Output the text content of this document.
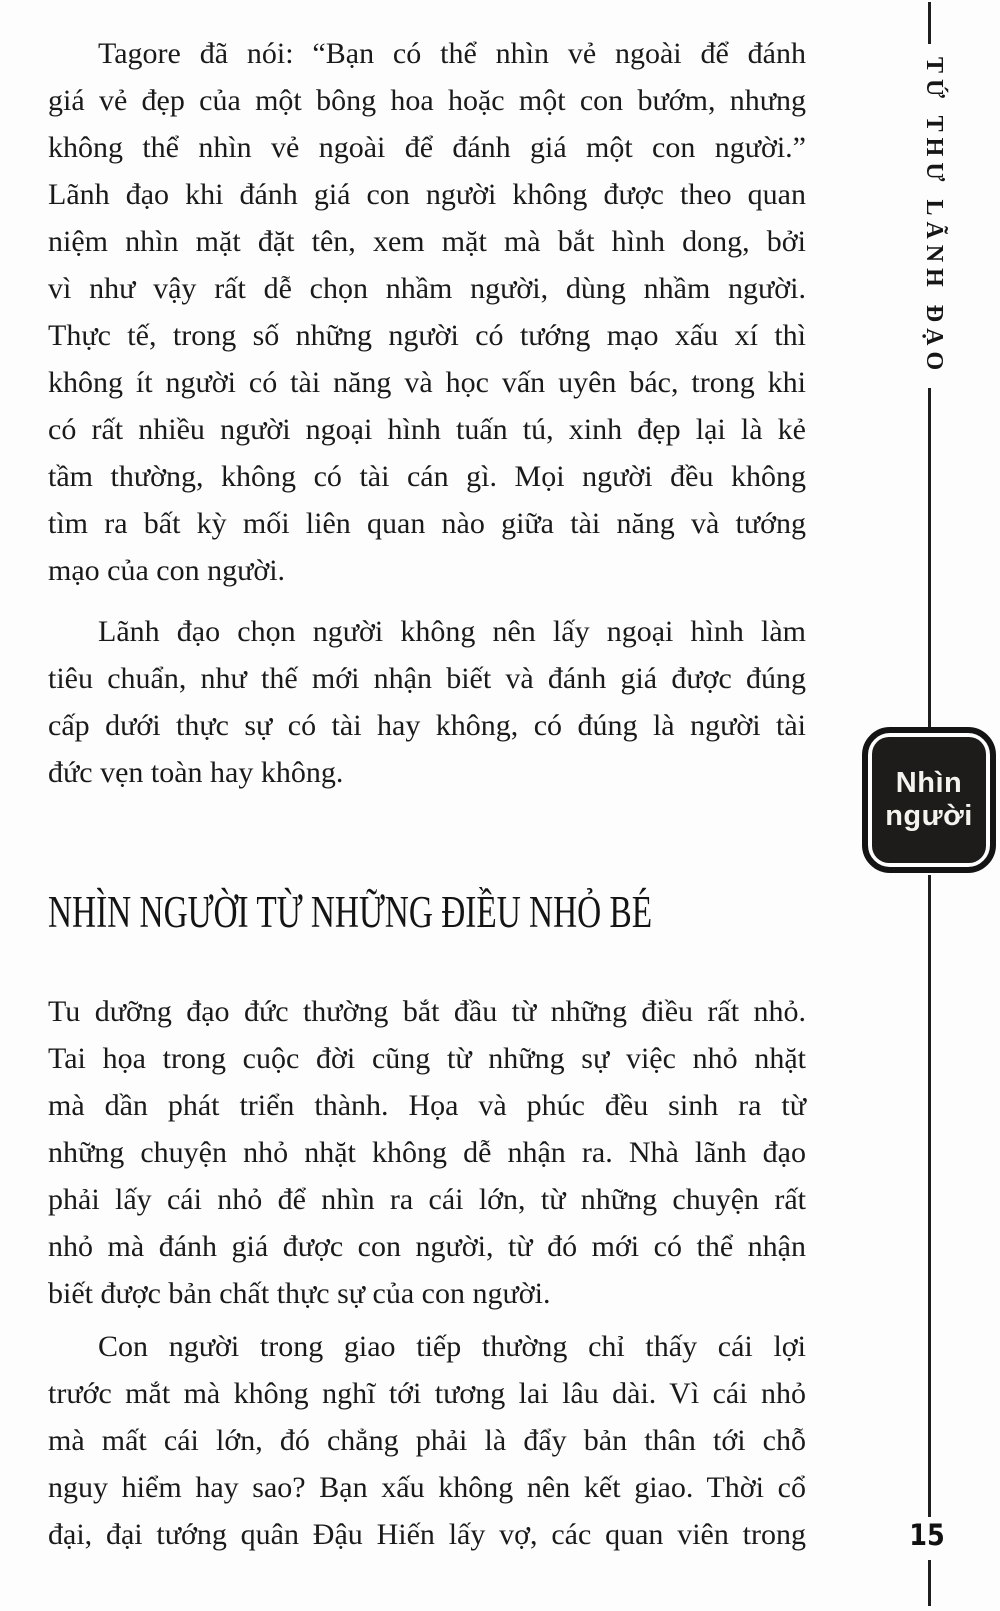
Tagore đã nói: “Bạn có thể nhìn vẻ ngoài để đánh
giá vẻ đẹp của một bông hoa hoặc một con bướm, nhưng
không thể nhìn vẻ ngoài để đánh giá một con người.”
Lãnh đạo khi đánh giá con người không được theo quan
niệm nhìn mặt đặt tên, xem mặt mà bắt hình dong, bởi
vì như vậy rất dễ chọn nhầm người, dùng nhầm người.
Thực tế, trong số những người có tướng mạo xấu xí thì
không ít người có tài năng và học vấn uyên bác, trong khi
có rất nhiều người ngoại hình tuấn tú, xinh đẹp lại là kẻ
tầm thường, không có tài cán gì. Mọi người đều không
tìm ra bất kỳ mối liên quan nào giữa tài năng và tướng
mạo của con người.
Lãnh đạo chọn người không nên lấy ngoại hình làm
tiêu chuẩn, như thế mới nhận biết và đánh giá được đúng
cấp dưới thực sự có tài hay không, có đúng là người tài
đức vẹn toàn hay không.
NHÌN NGƯỜI TỪ NHỮNG ĐIỀU NHỎ BÉ
Tu dưỡng đạo đức thường bắt đầu từ những điều rất nhỏ.
Tai họa trong cuộc đời cũng từ những sự việc nhỏ nhặt
mà dần phát triển thành. Họa và phúc đều sinh ra từ
những chuyện nhỏ nhặt không dễ nhận ra. Nhà lãnh đạo
phải lấy cái nhỏ để nhìn ra cái lớn, từ những chuyện rất
nhỏ mà đánh giá được con người, từ đó mới có thể nhận
biết được bản chất thực sự của con người.
Con người trong giao tiếp thường chỉ thấy cái lợi
trước mắt mà không nghĩ tới tương lai lâu dài. Vì cái nhỏ
mà mất cái lớn, đó chẳng phải là đẩy bản thân tới chỗ
nguy hiểm hay sao? Bạn xấu không nên kết giao. Thời cổ
đại, đại tướng quân Đậu Hiến lấy vợ, các quan viên trong
TỨ THƯ LÃNH ĐẠO
Nhìn
người
15
